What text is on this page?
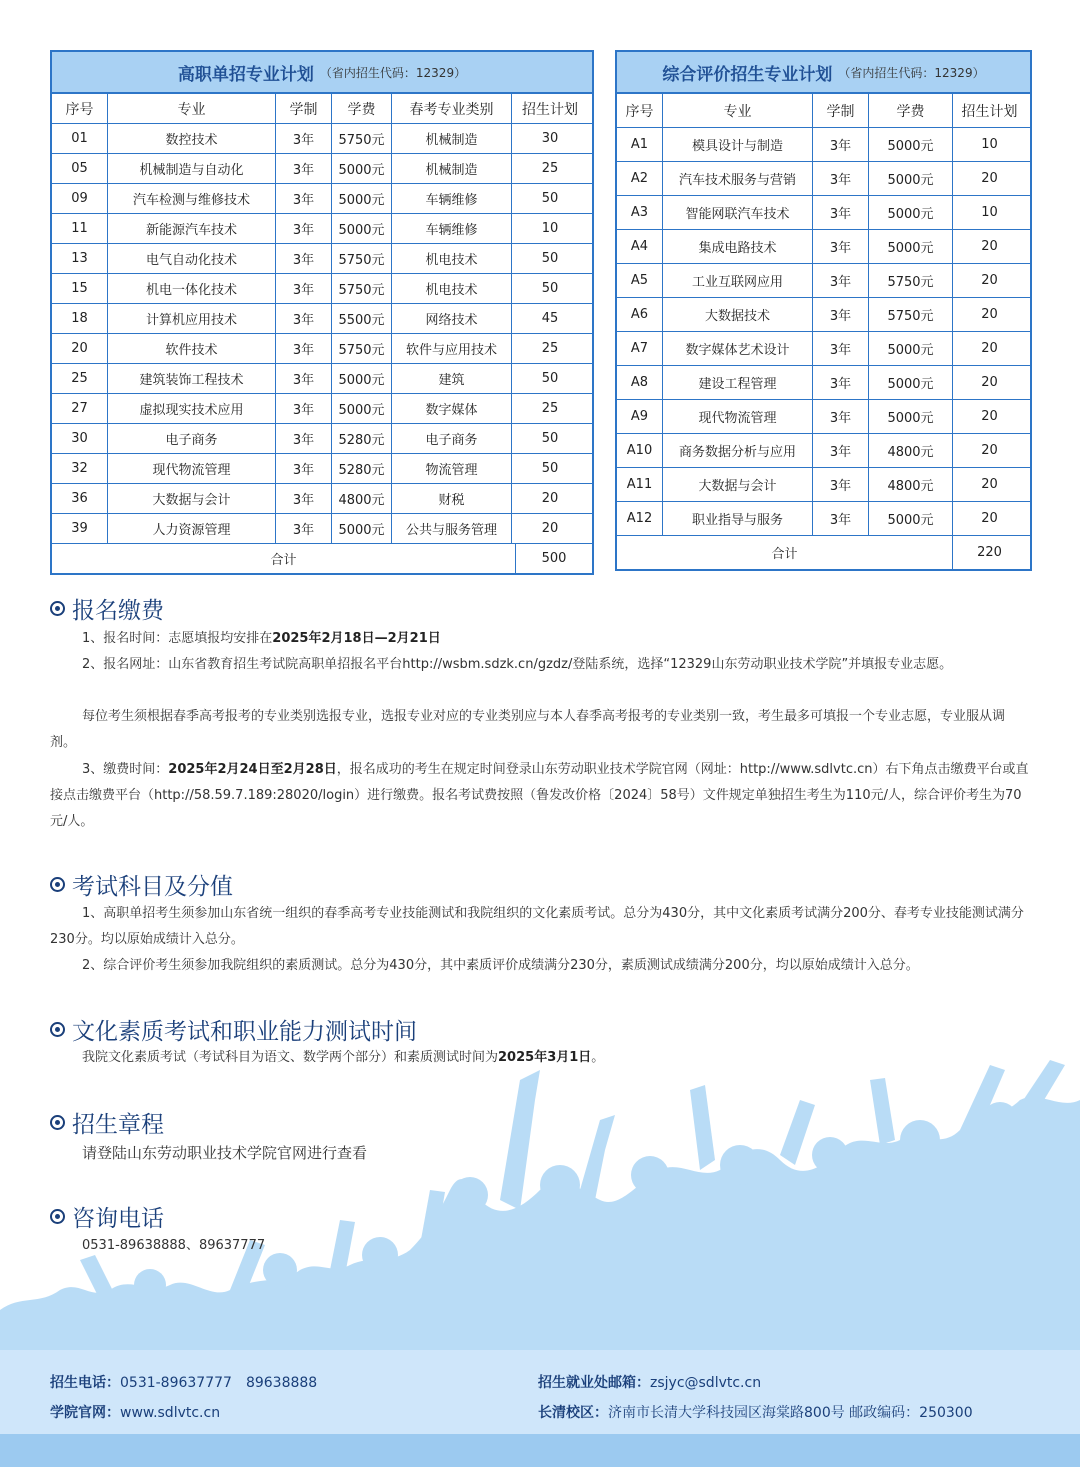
高职单招专业计划 （省内招生代码：12329）
序号	专业	学制	学费	春考专业类别	招生计划
01	数控技术	3年	5750元	机械制造	30
05	机械制造与自动化	3年	5000元	机械制造	25
09	汽车检测与维修技术	3年	5000元	车辆维修	50
11	新能源汽车技术	3年	5000元	车辆维修	10
13	电气自动化技术	3年	5750元	机电技术	50
15	机电一体化技术	3年	5750元	机电技术	50
18	计算机应用技术	3年	5500元	网络技术	45
20	软件技术	3年	5750元	软件与应用技术	25
25	建筑装饰工程技术	3年	5000元	建筑	50
27	虚拟现实技术应用	3年	5000元	数字媒体	25
30	电子商务	3年	5280元	电子商务	50
32	现代物流管理	3年	5280元	物流管理	50
36	大数据与会计	3年	4800元	财税	20
39	人力资源管理	3年	5000元	公共与服务管理	20
合计	500
综合评价招生专业计划 （省内招生代码：12329）
序号	专业	学制	学费	招生计划
A1	模具设计与制造	3年	5000元	10
A2	汽车技术服务与营销	3年	5000元	20
A3	智能网联汽车技术	3年	5000元	10
A4	集成电路技术	3年	5000元	20
A5	工业互联网应用	3年	5750元	20
A6	大数据技术	3年	5750元	20
A7	数字媒体艺术设计	3年	5000元	20
A8	建设工程管理	3年	5000元	20
A9	现代物流管理	3年	5000元	20
A10	商务数据分析与应用	3年	4800元	20
A11	大数据与会计	3年	4800元	20
A12	职业指导与服务	3年	5000元	20
合计	220
报名缴费

1、报名时间：志愿填报均安排在2025年2月18日—2月21日

2、报名网址：山东省教育招生考试院高职单招报名平台http://wsbm.sdzk.cn/gzdz/登陆系统，选择“12329山东劳动职业技术学院”并填报专业志愿。

每位考生须根据春季高考报考的专业类别选报专业，选报专业对应的专业类别应与本人春季高考报考的专业类别一致，考生最多可填报一个专业志愿，专业服从调剂。

3、缴费时间：2025年2月24日至2月28日，报名成功的考生在规定时间登录山东劳动职业技术学院官网（网址：http://www.sdlvtc.cn）右下角点击缴费平台或直接点击缴费平台（http://58.59.7.189:28020/login）进行缴费。报名考试费按照（鲁发改价格〔2024〕58号）文件规定单独招生考生为110元/人，综合评价考生为70元/人。

考试科目及分值

1、高职单招考生须参加山东省统一组织的春季高考专业技能测试和我院组织的文化素质考试。总分为430分，其中文化素质考试满分200分、春考专业技能测试满分230分。均以原始成绩计入总分。

2、综合评价考生须参加我院组织的素质测试。总分为430分，其中素质评价成绩满分230分，素质测试成绩满分200分，均以原始成绩计入总分。

文化素质考试和职业能力测试时间

我院文化素质考试（考试科目为语文、数学两个部分）和素质测试时间为2025年3月1日。

招生章程

请登陆山东劳动职业技术学院官网进行查看

咨询电话

0531-89638888、89637777

招生电话：0531-89637777　89638888
学院官网：www.sdlvtc.cn
招生就业处邮箱：zsjyc@sdlvtc.cn
长清校区：济南市长清大学科技园区海棠路800号 邮政编码：250300
